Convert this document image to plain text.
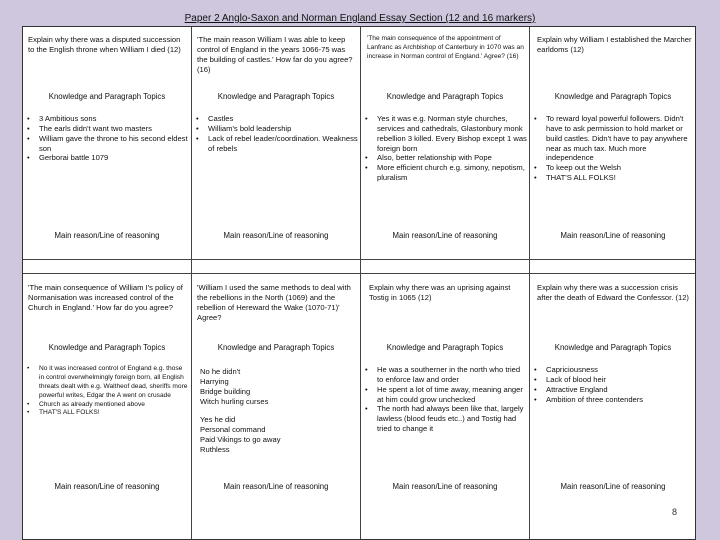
Paper 2 Anglo-Saxon and Norman England Essay Section (12 and 16 markers)
Explain why there was a disputed succession to the English throne when William I died (12)
Knowledge and Paragraph Topics
• 3 Ambitious sons
• The earls didn't want two masters
• William gave the throne to his second eldest son
• Gerborai battle 1079
Main reason/Line of reasoning
'The main reason William I was able to keep control of England in the years 1066-75 was the building of castles.' How far do you agree? (16)
Knowledge and Paragraph Topics
• Castles
• William's bold leadership
• Lack of rebel leader/coordination. Weakness of rebels
Main reason/Line of reasoning
'The main consequence of the appointment of Lanfranc as Archbishop of Canterbury in 1070 was an increase in Norman control of England.' Agree? (16)
Knowledge and Paragraph Topics
• Yes it was e.g. Norman style churches, services and cathedrals, Glastonbury monk rebellion 3 killed. Every Bishop except 1 was foreign born
• Also, better relationship with Pope
• More efficient church e.g. simony, nepotism, pluralism
Main reason/Line of reasoning
Explain why William I established the Marcher earldoms (12)
Knowledge and Paragraph Topics
• To reward loyal powerful followers. Didn't have to ask permission to hold market or build castles. Didn't have to pay anywhere near as much tax. Much more independence
• To keep out the Welsh
• THAT'S ALL FOLKS!
Main reason/Line of reasoning
'The main consequence of William I's policy of Normanisation was increased control of the Church in England.' How far do you agree?
Knowledge and Paragraph Topics
• No it was increased control of England e.g. those in control overwhelmingly foreign born, all English threats dealt with e.g. Waltheof dead, sheriffs more powerful writes, Edgar the A went on crusade
• Church as already mentioned above
• THAT'S ALL FOLKS!
Main reason/Line of reasoning
'William I used the same methods to deal with the rebellions in the North (1069) and the rebellion of Hereward the Wake (1070-71)' Agree?
Knowledge and Paragraph Topics

No he didn't

Harrying

Bridge building

Witch hurling curses

Yes he did

Personal command

Paid Vikings to go away

Ruthless

Main reason/Line of reasoning
Explain why there was an uprising against Tostig in 1065 (12)
Knowledge and Paragraph Topics
• He was a southerner in the north who tried to enforce law and order
• He spent a lot of time away, meaning anger at him could grow unchecked
• The north had always been like that, largely lawless (blood feuds etc..) and Tostig had tried to change it
Main reason/Line of reasoning
Explain why there was a succession crisis after the death of Edward the Confessor. (12)
Knowledge and Paragraph Topics
• Capriciousness
• Lack of blood heir
• Attractive England
• Ambition of three contenders
Main reason/Line of reasoning
8
